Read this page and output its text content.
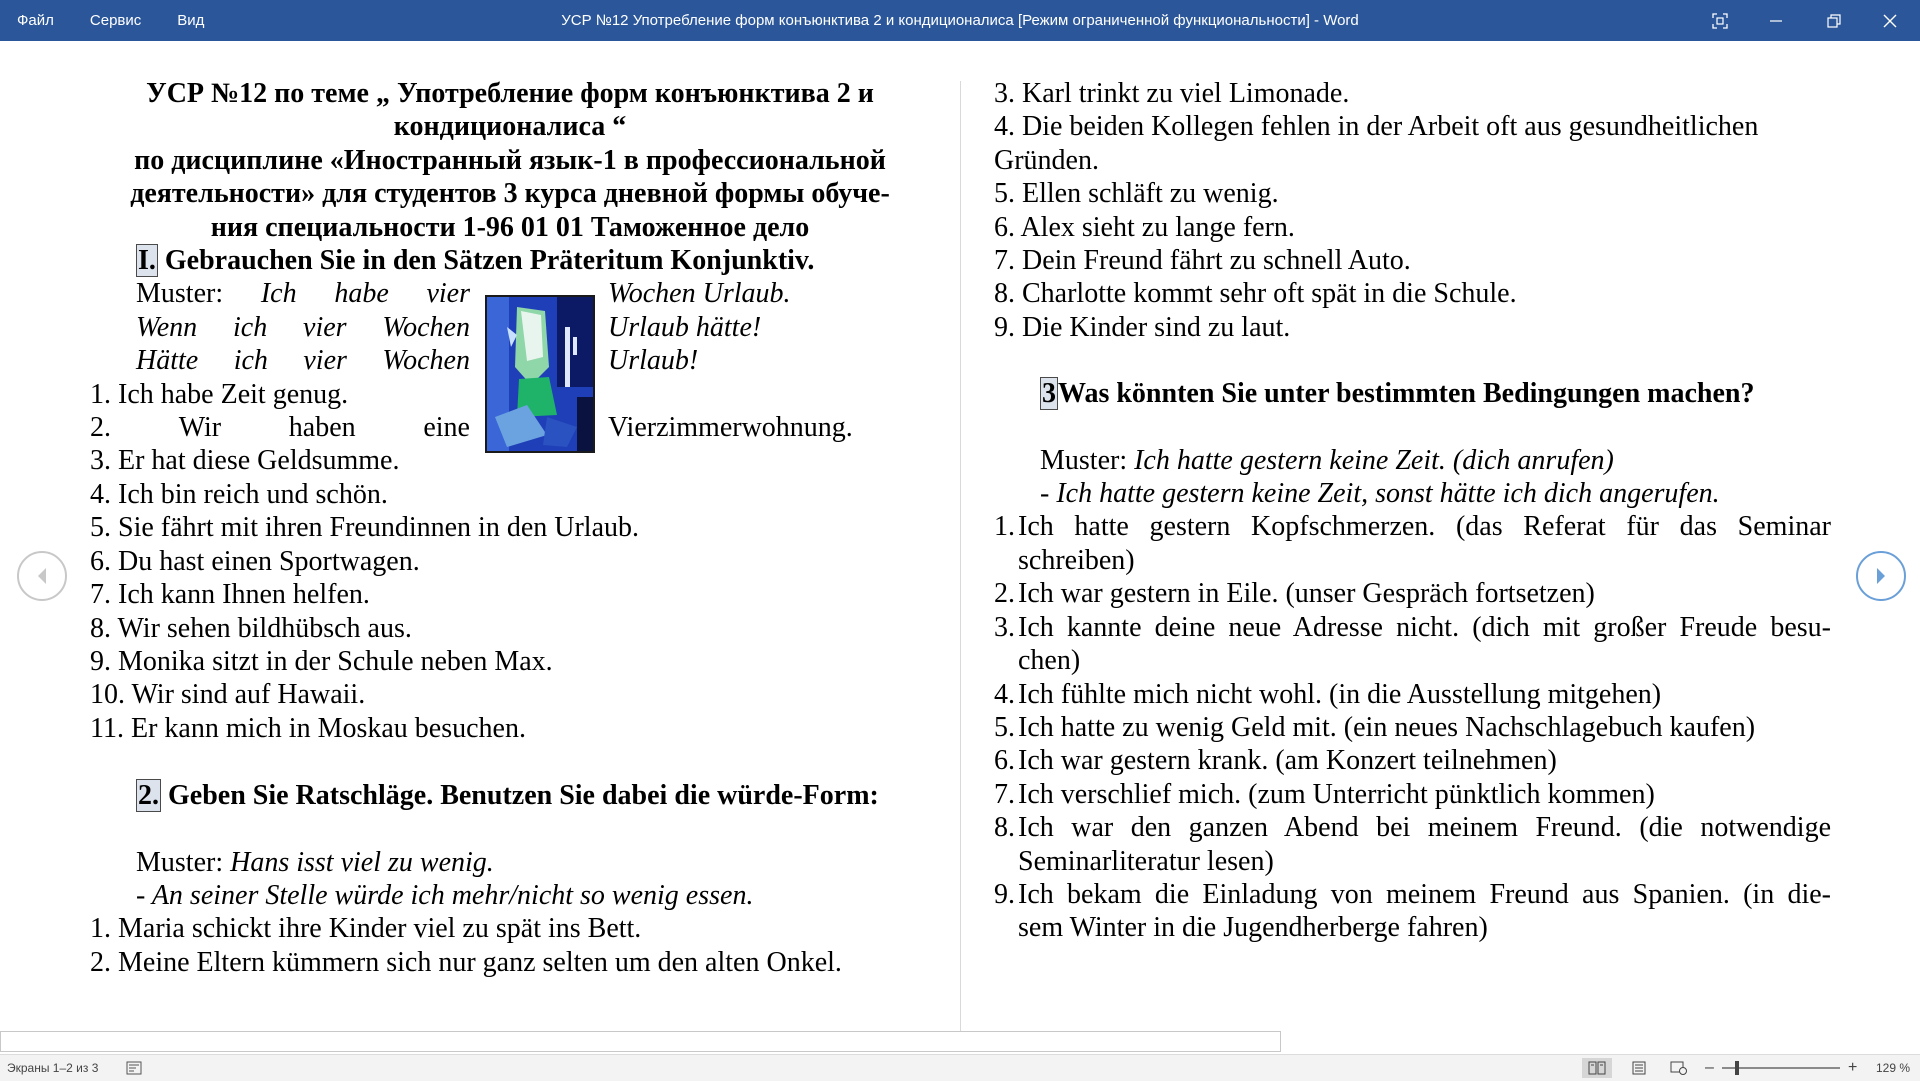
Файл	Сервис	Вид	УСР №12 Употребление форм конъюнктива 2 и кондиционалиса [Режим ограниченной функциональности] - Word
УСР №12 по теме „ Употребление форм конъюнктива 2 и
кондиционалиса “
по дисциплине «Иностранный язык-1 в профессиональной
деятельности» для студентов 3 курса дневной формы обуче-
ния специальности 1-96 01 01 Таможенное дело
I. Gebrauchen Sie in den Sätzen Präteritum Konjunktiv.
Muster: Ich habe vier	Wochen Urlaub.
Wenn ich vier Wochen	Urlaub hätte!
Hätte ich vier Wochen	Urlaub!
1. Ich habe Zeit genug.
2. Wir haben eine	Vierzimmerwohnung.
3. Er hat diese Geldsumme.
4. Ich bin reich und schön.
5. Sie fährt mit ihren Freundinnen in den Urlaub.
6. Du hast einen Sportwagen.
7. Ich kann Ihnen helfen.
8. Wir sehen bildhübsch aus.
9. Monika sitzt in der Schule neben Max.
10. Wir sind auf Hawaii.
11. Er kann mich in Moskau besuchen.
2. Geben Sie Ratschläge. Benutzen Sie dabei die würde-Form:
Muster: Hans isst viel zu wenig.
- An seiner Stelle würde ich mehr/nicht so wenig essen.
1. Maria schickt ihre Kinder viel zu spät ins Bett.
2. Meine Eltern kümmern sich nur ganz selten um den alten Onkel.
3. Karl trinkt zu viel Limonade.
4. Die beiden Kollegen fehlen in der Arbeit oft aus gesundheitlichen
Gründen.
5. Ellen schläft zu wenig.
6. Alex sieht zu lange fern.
7. Dein Freund fährt zu schnell Auto.
8. Charlotte kommt sehr oft spät in die Schule.
9. Die Kinder sind zu laut.
3Was könnten Sie unter bestimmten Bedingungen machen?
Muster: Ich hatte gestern keine Zeit. (dich anrufen)
- Ich hatte gestern keine Zeit, sonst hätte ich dich angerufen.
1. Ich hatte gestern Kopfschmerzen. (das Referat für das Seminar
schreiben)
2. Ich war gestern in Eile. (unser Gespräch fortsetzen)
3. Ich kannte deine neue Adresse nicht. (dich mit großer Freude besu-
chen)
4. Ich fühlte mich nicht wohl. (in die Ausstellung mitgehen)
5. Ich hatte zu wenig Geld mit. (ein neues Nachschlagebuch kaufen)
6. Ich war gestern krank. (am Konzert teilnehmen)
7. Ich verschlief mich. (zum Unterricht pünktlich kommen)
8. Ich war den ganzen Abend bei meinem Freund. (die notwendige
Seminarliteratur lesen)
9. Ich bekam die Einladung von meinem Freund aus Spanien. (in die-
sem Winter in die Jugendherberge fahren)
Экраны 1–2 из 3	–	+ 129 %
